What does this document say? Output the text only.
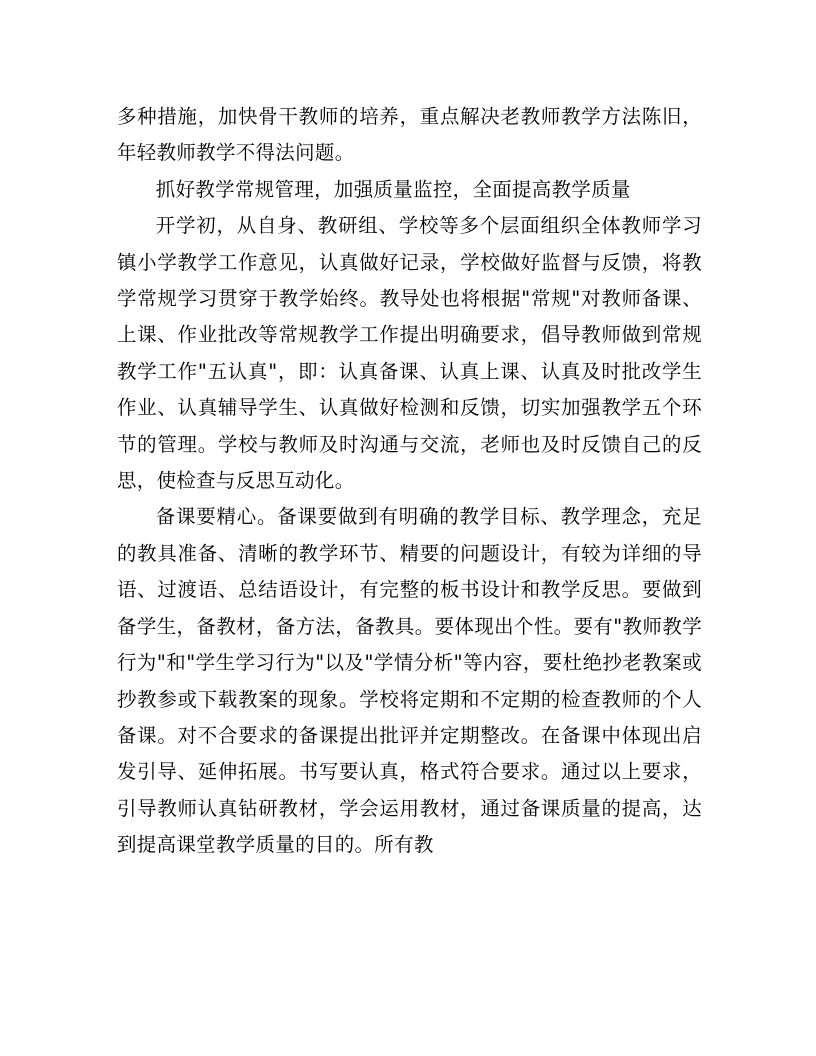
多种措施，加快骨干教师的培养，重点解决老教师教学方法陈旧，年轻教师教学不得法问题。

抓好教学常规管理，加强质量监控，全面提高教学质量

开学初，从自身、教研组、学校等多个层面组织全体教师学习镇小学教学工作意见，认真做好记录，学校做好监督与反馈，将教学常规学习贯穿于教学始终。教导处也将根据"常规"对教师备课、上课、作业批改等常规教学工作提出明确要求，倡导教师做到常规教学工作"五认真"，即：认真备课、认真上课、认真及时批改学生作业、认真辅导学生、认真做好检测和反馈，切实加强教学五个环节的管理。学校与教师及时沟通与交流，老师也及时反馈自己的反思，使检查与反思互动化。

备课要精心。备课要做到有明确的教学目标、教学理念，充足的教具准备、清晰的教学环节、精要的问题设计，有较为详细的导语、过渡语、总结语设计，有完整的板书设计和教学反思。要做到备学生，备教材，备方法，备教具。要体现出个性。要有"教师教学行为"和"学生学习行为"以及"学情分析"等内容，要杜绝抄老教案或抄教参或下载教案的现象。学校将定期和不定期的检查教师的个人备课。对不合要求的备课提出批评并定期整改。在备课中体现出启发引导、延伸拓展。书写要认真，格式符合要求。通过以上要求，引导教师认真钻研教材，学会运用教材，通过备课质量的提高，达到提高课堂教学质量的目的。所有教
